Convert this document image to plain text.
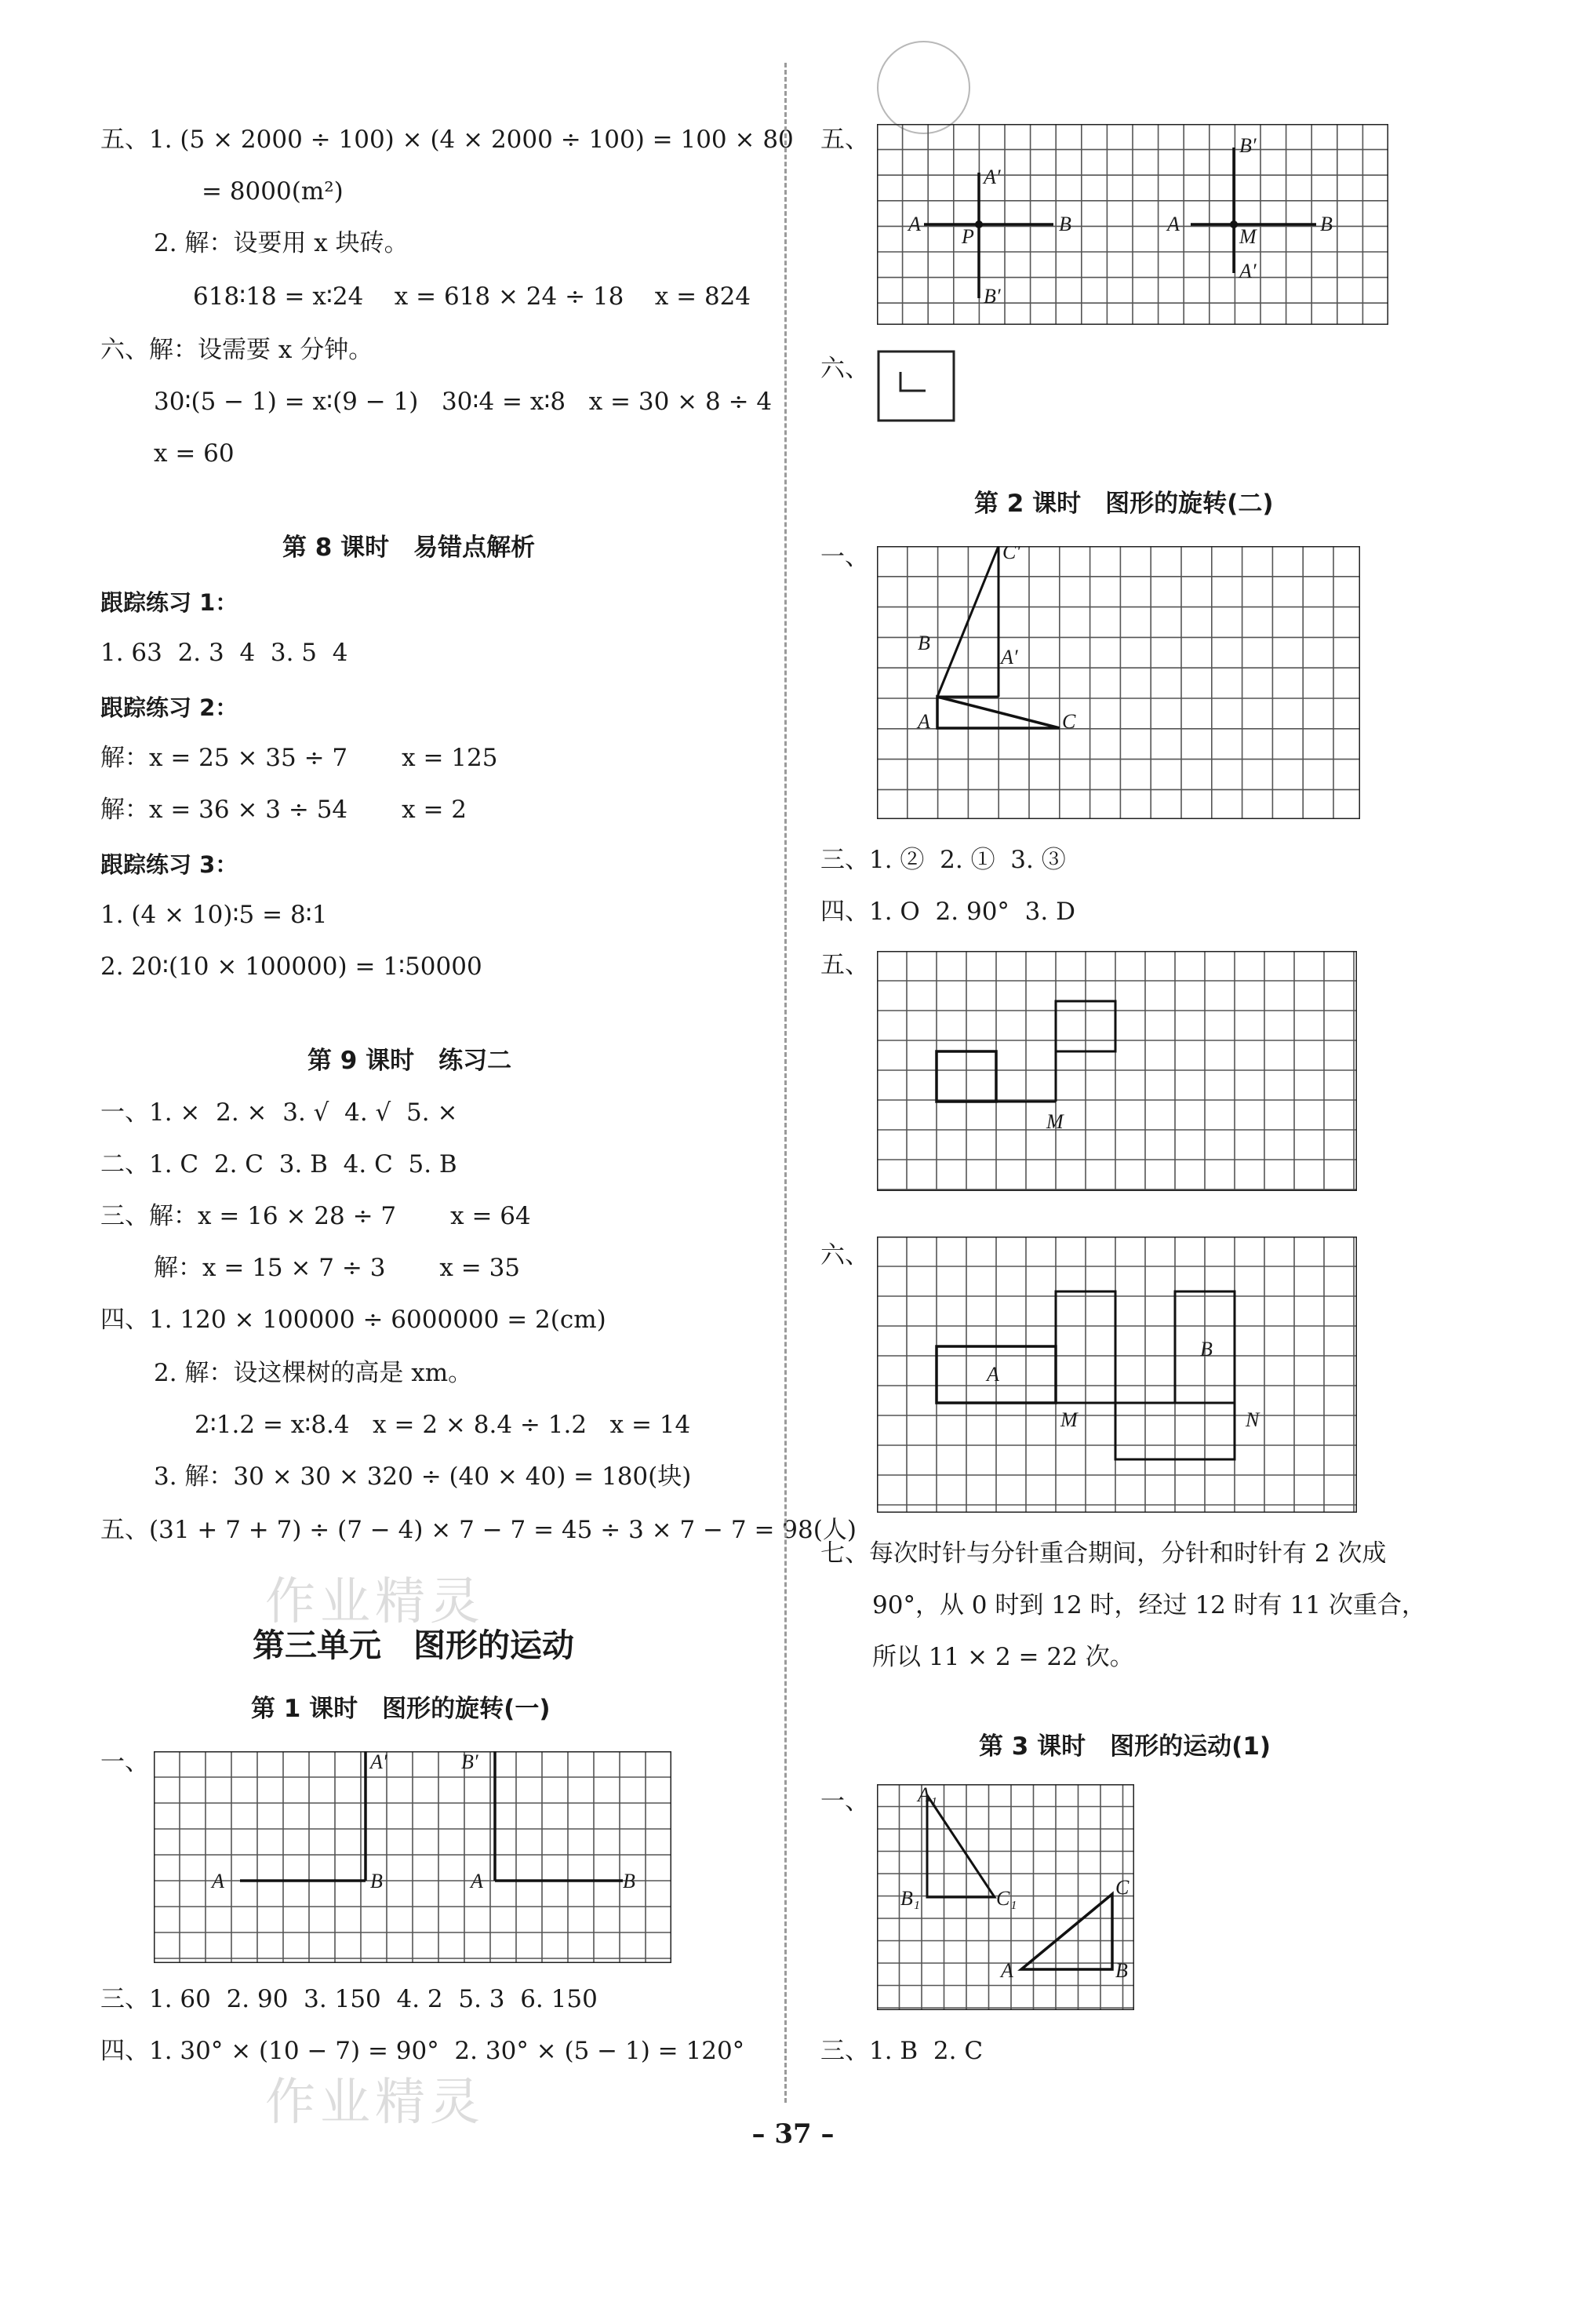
五、1. (5 × 2000 ÷ 100) × (4 × 2000 ÷ 100) = 100 × 80
= 8000(m²)
2. 解：设要用 x 块砖。
618∶18 = x∶24    x = 618 × 24 ÷ 18    x = 824
六、解：设需要 x 分钟。
30∶(5 − 1) = x∶(9 − 1)   30∶4 = x∶8   x = 30 × 8 ÷ 4
x = 60
第 8 课时　易错点解析
跟踪练习 1：
1. 63  2. 3  4  3. 5  4
跟踪练习 2：
解：x = 25 × 35 ÷ 7       x = 125
解：x = 36 × 3 ÷ 54       x = 2
跟踪练习 3：
1. (4 × 10)∶5 = 8∶1
2. 20∶(10 × 100000) = 1∶50000
第 9 课时　练习二
一、1. ×  2. ×  3. √  4. √  5. ×
二、1. C  2. C  3. B  4. C  5. B
三、解：x = 16 × 28 ÷ 7       x = 64
解：x = 15 × 7 ÷ 3       x = 35
四、1. 120 × 100000 ÷ 6000000 = 2(cm)
2. 解：设这棵树的高是 xm。
2∶1.2 = x∶8.4   x = 2 × 8.4 ÷ 1.2   x = 14
3. 解：30 × 30 × 320 ÷ (40 × 40) = 180(块)
五、(31 + 7 + 7) ÷ (7 − 4) × 7 − 7 = 45 ÷ 3 × 7 − 7 = 98(人)
第三单元　图形的运动
第 1 课时　图形的旋转(一)
一、
A	B
A′
A	B
B′
三、1. 60  2. 90  3. 150  4. 2  5. 3  6. 150
四、1. 30° × (10 − 7) = 90°  2. 30° × (5 − 1) = 120°
五、
A	B
A′
P
B′
A	B
B′
M
A′
六、
第 2 课时　图形的旋转(二)
一、	C′
B
A′
A	C
三、1. ②  2. ①  3. ③
四、1. O  2. 90°  3. D
五、
M
六、
A
B
M	N
七、每次时针与分针重合期间，分针和时针有 2 次成
90°，从 0 时到 12 时，经过 12 时有 11 次重合，
所以 11 × 2 = 22 次。
第 3 课时　图形的运动(1)
一、 A₁
B₁	C₁	C
A	B
三、1. B  2. C
作业精灵
作业精灵
– 37 –
